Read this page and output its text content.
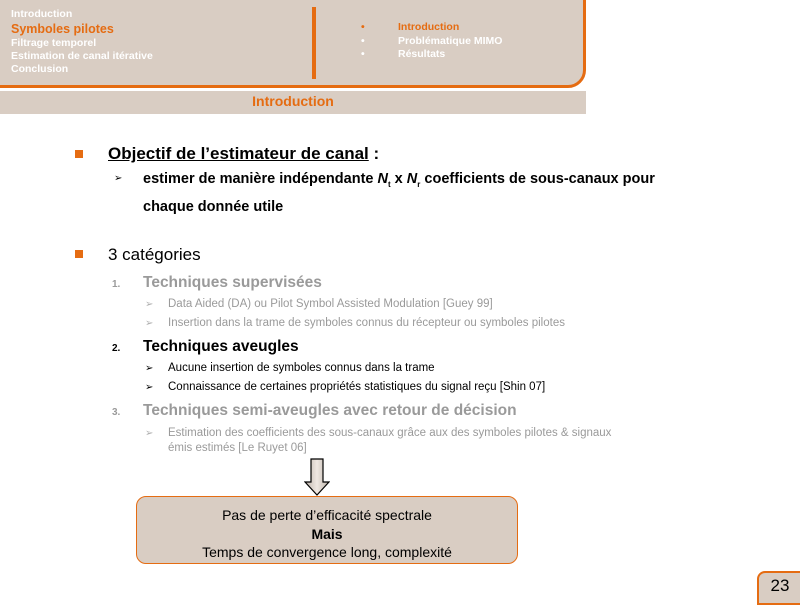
Introduction
Symboles pilotes
Filtrage temporel
Estimation de canal itérative
Conclusion
•	Introduction
•	Problématique MIMO
•	Résultats
Introduction
Objectif de l’estimateur de canal :
➢ estimer de manière indépendante $N_t$ x $N_r$ coefficients de sous-canaux pour
chaque donnée utile
3 catégories
1. Techniques supervisées
➢ Data Aided (DA) ou Pilot Symbol Assisted Modulation [Guey 99]
➢ Insertion dans la trame de symboles connus du récepteur ou symboles pilotes
2. Techniques aveugles
➢ Aucune insertion de symboles connus dans la trame
➢ Connaissance de certaines propriétés statistiques du signal reçu [Shin 07]
3. Techniques semi-aveugles avec retour de décision
➢ Estimation des coefficients des sous-canaux grâce aux des symboles pilotes & signaux
émis estimés [Le Ruyet 06]
Pas de perte d’efficacité spectrale
Mais
Temps de convergence long, complexité
23
